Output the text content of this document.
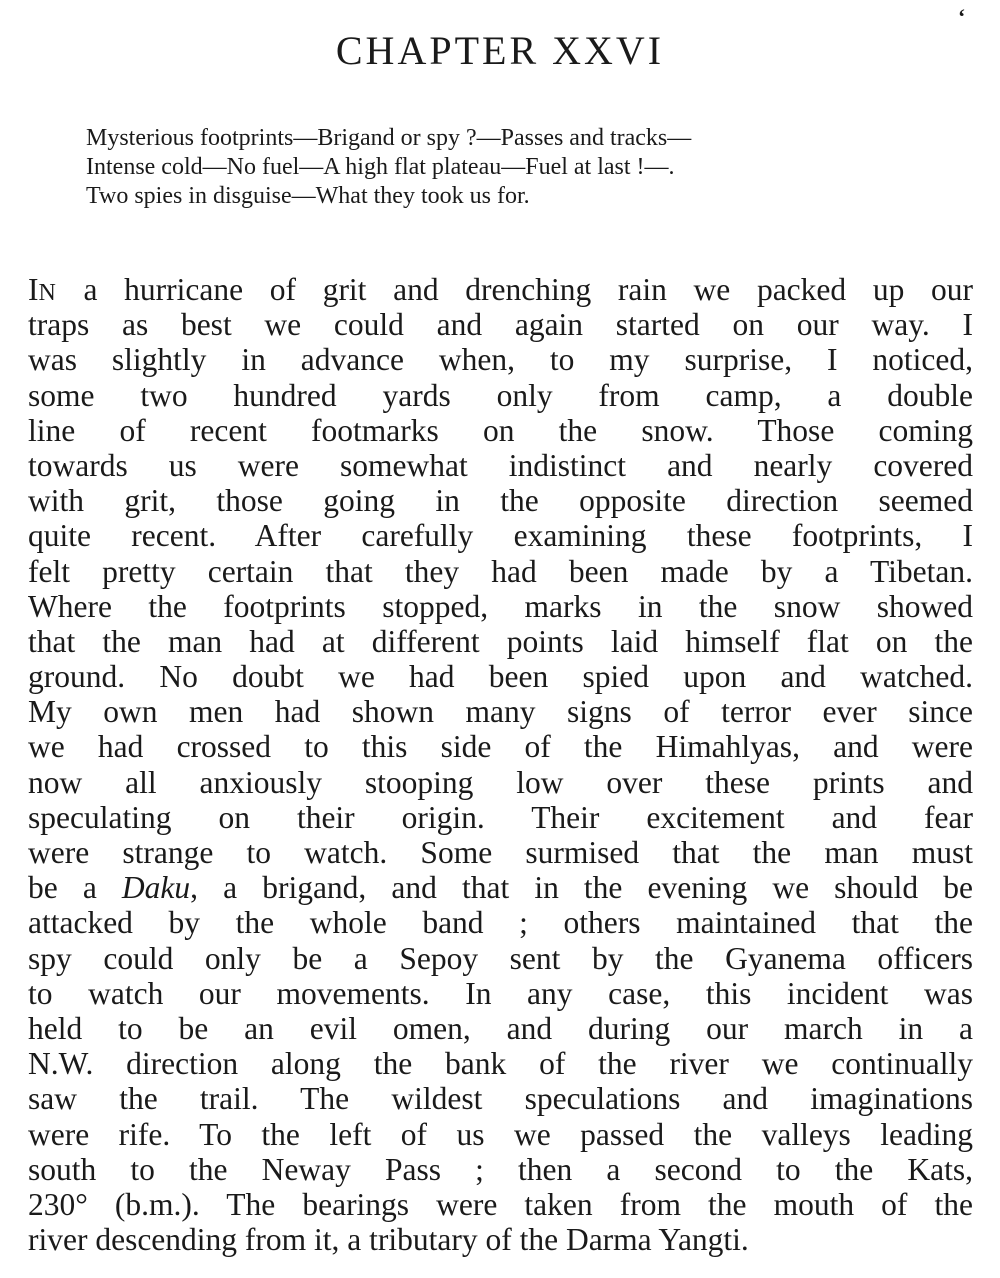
‘
CHAPTER XXVI
Mysterious footprints—Brigand or spy ?—Passes and tracks—
Intense cold—No fuel—A high flat plateau—Fuel at last !—.
Two spies in disguise—What they took us for.
IN a hurricane of grit and drenching rain we packed up our
traps as best we could and again started on our way. I
was slightly in advance when, to my surprise, I noticed,
some two hundred yards only from camp, a double
line of recent footmarks on the snow. Those coming
towards us were somewhat indistinct and nearly covered
with grit, those going in the opposite direction seemed
quite recent. After carefully examining these footprints, I
felt pretty certain that they had been made by a Tibetan.
Where the footprints stopped, marks in the snow showed
that the man had at different points laid himself flat on the
ground. No doubt we had been spied upon and watched.
My own men had shown many signs of terror ever since
we had crossed to this side of the Himahlyas, and were
now all anxiously stooping low over these prints and
speculating on their origin. Their excitement and fear
were strange to watch. Some surmised that the man must
be a Daku, a brigand, and that in the evening we should be
attacked by the whole band ; others maintained that the
spy could only be a Sepoy sent by the Gyanema officers
to watch our movements. In any case, this incident was
held to be an evil omen, and during our march in a
N.W. direction along the bank of the river we continually
saw the trail. The wildest speculations and imaginations
were rife. To the left of us we passed the valleys leading
south to the Neway Pass ; then a second to the Kats,
230° (b.m.). The bearings were taken from the mouth of the
river descending from it, a tributary of the Darma Yangti.
